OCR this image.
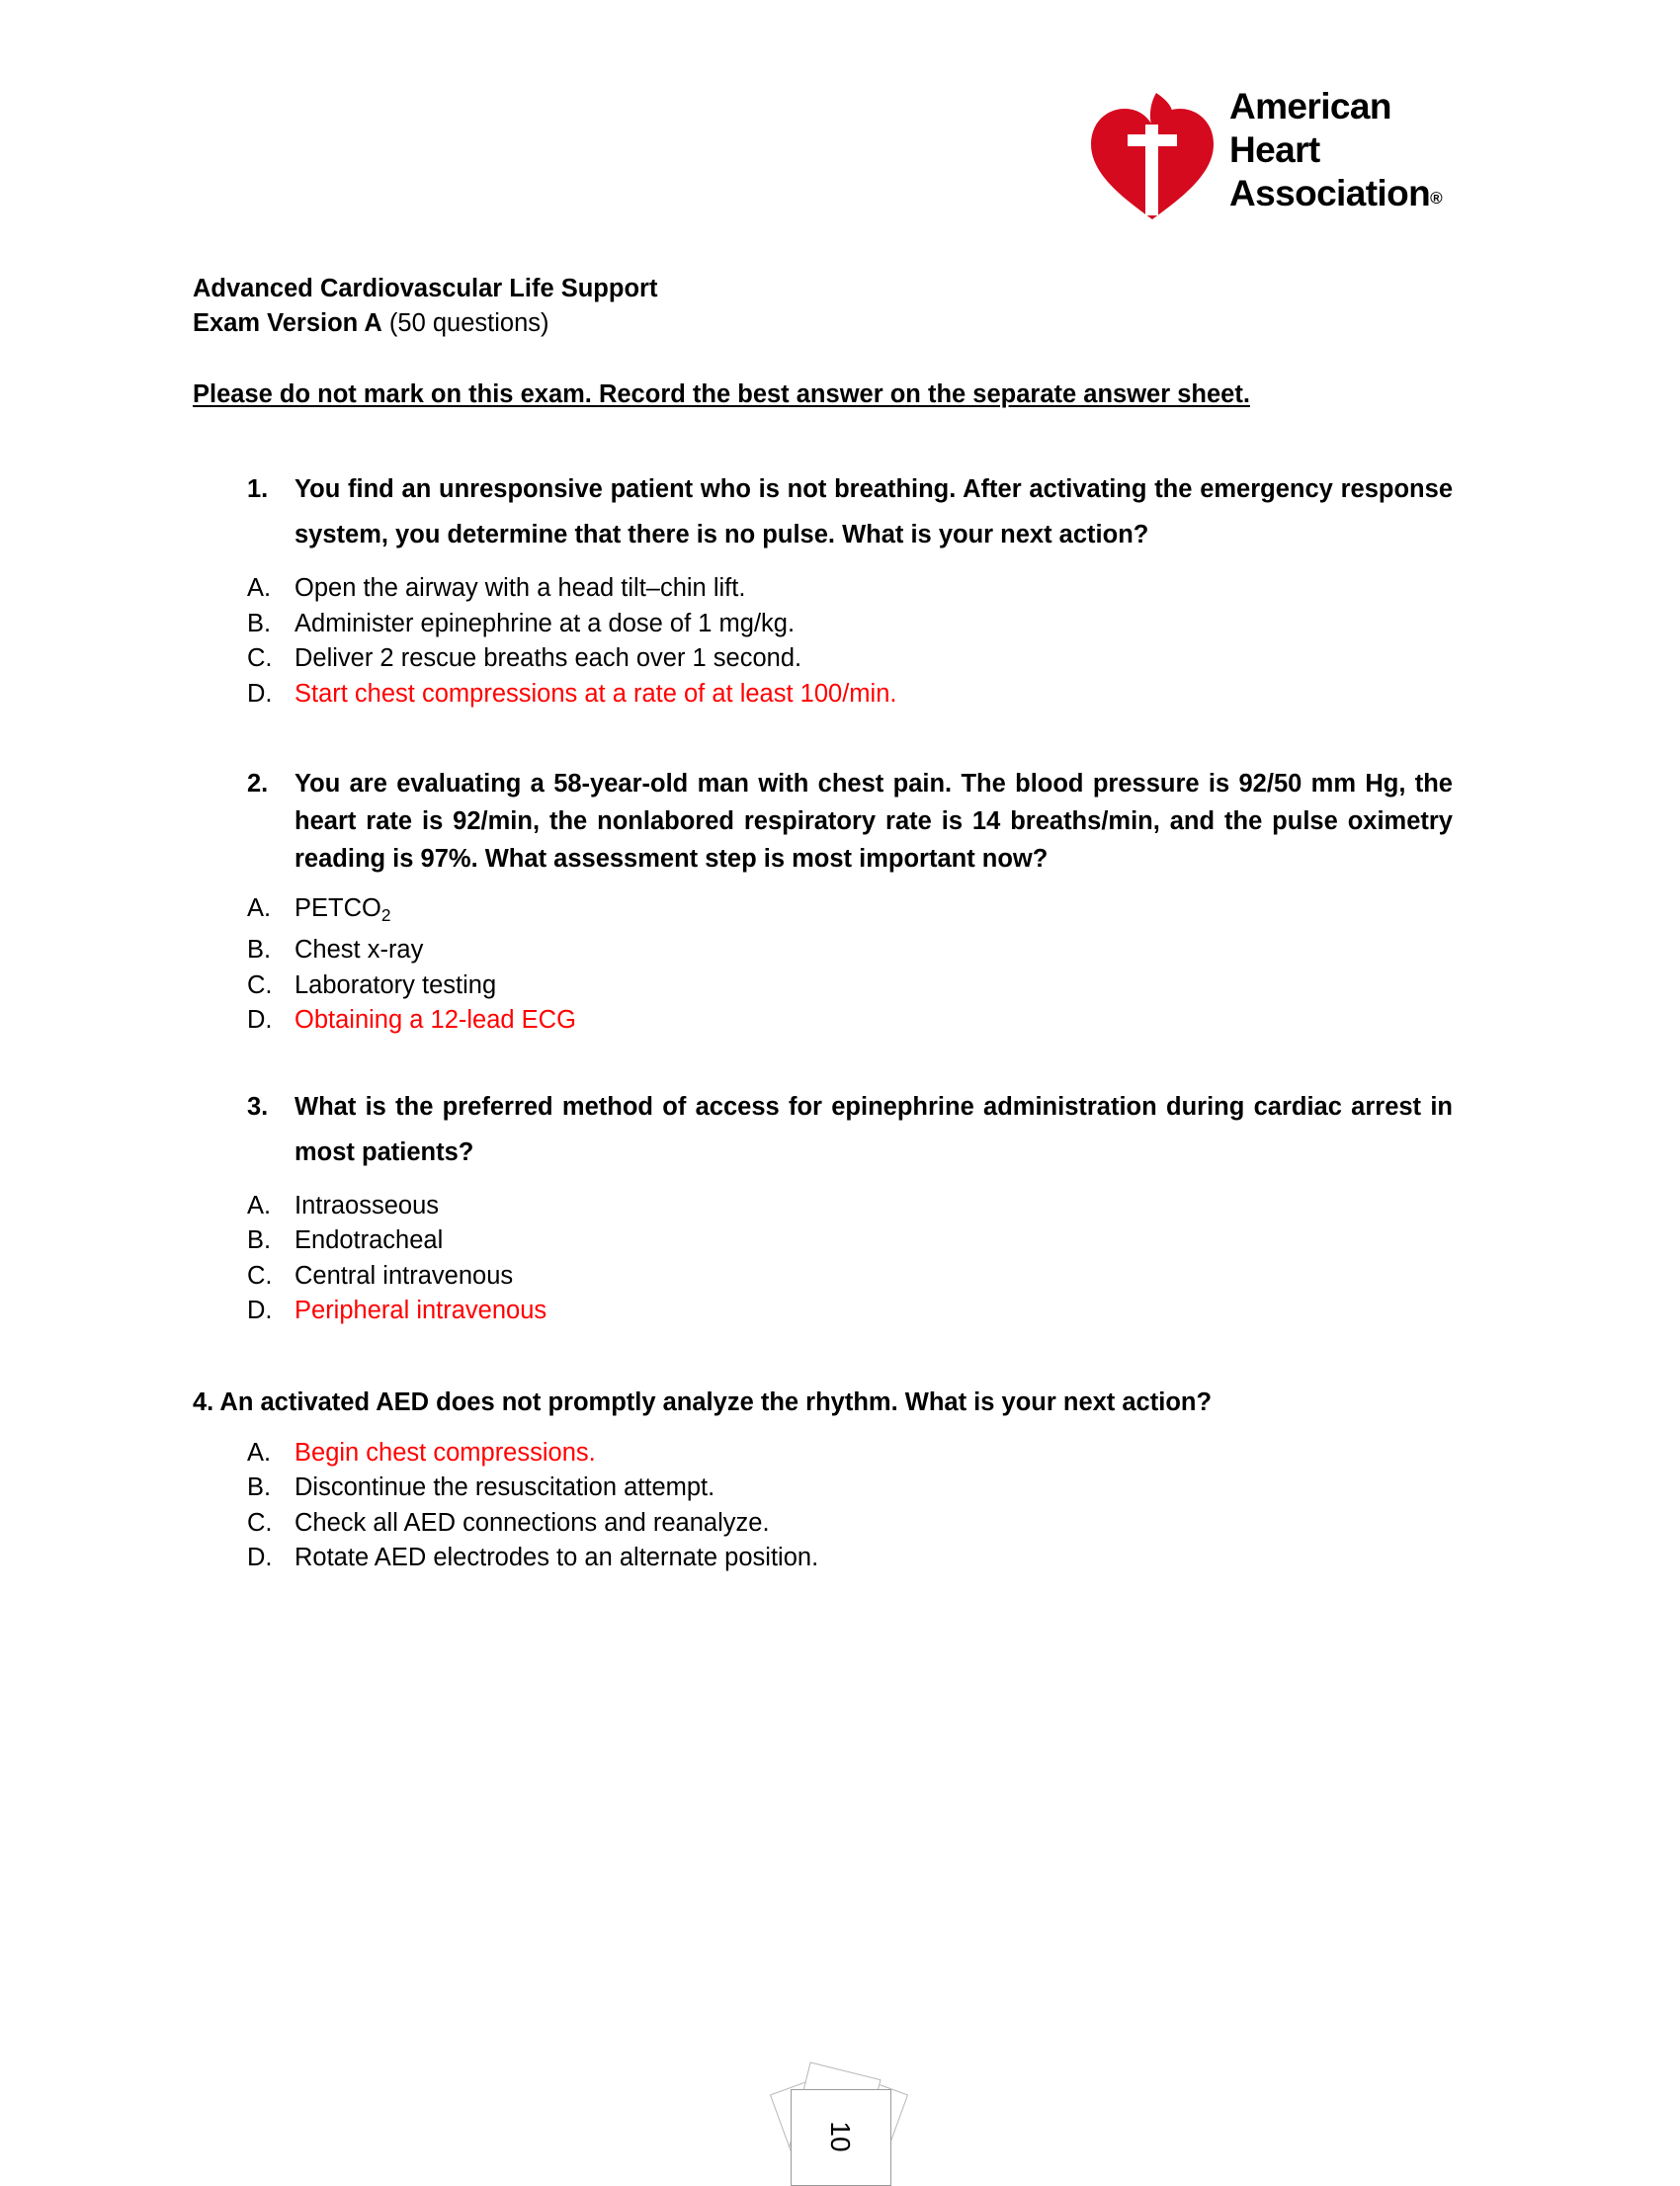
American
Heart
Association®
Advanced Cardiovascular Life Support
Exam Version A (50 questions)
Please do not mark on this exam. Record the best answer on the separate answer sheet.
1. You find an unresponsive patient who is not breathing. After activating the emergency response system, you determine that there is no pulse. What is your next action?
A. Open the airway with a head tilt–chin lift.
B. Administer epinephrine at a dose of 1 mg/kg.
C. Deliver 2 rescue breaths each over 1 second.
D. Start chest compressions at a rate of at least 100/min.
2. You are evaluating a 58-year-old man with chest pain. The blood pressure is 92/50 mm Hg, the heart rate is 92/min, the nonlabored respiratory rate is 14 breaths/min, and the pulse oximetry reading is 97%. What assessment step is most important now?
A. $PETCO_2$
B. Chest x-ray
C. Laboratory testing
D. Obtaining a 12-lead ECG
3. What is the preferred method of access for epinephrine administration during cardiac arrest in most patients?
A. Intraosseous
B. Endotracheal
C. Central intravenous
D. Peripheral intravenous
4. An activated AED does not promptly analyze the rhythm. What is your next action?
A. Begin chest compressions.
B. Discontinue the resuscitation attempt.
C. Check all AED connections and reanalyze.
D. Rotate AED electrodes to an alternate position.
10
